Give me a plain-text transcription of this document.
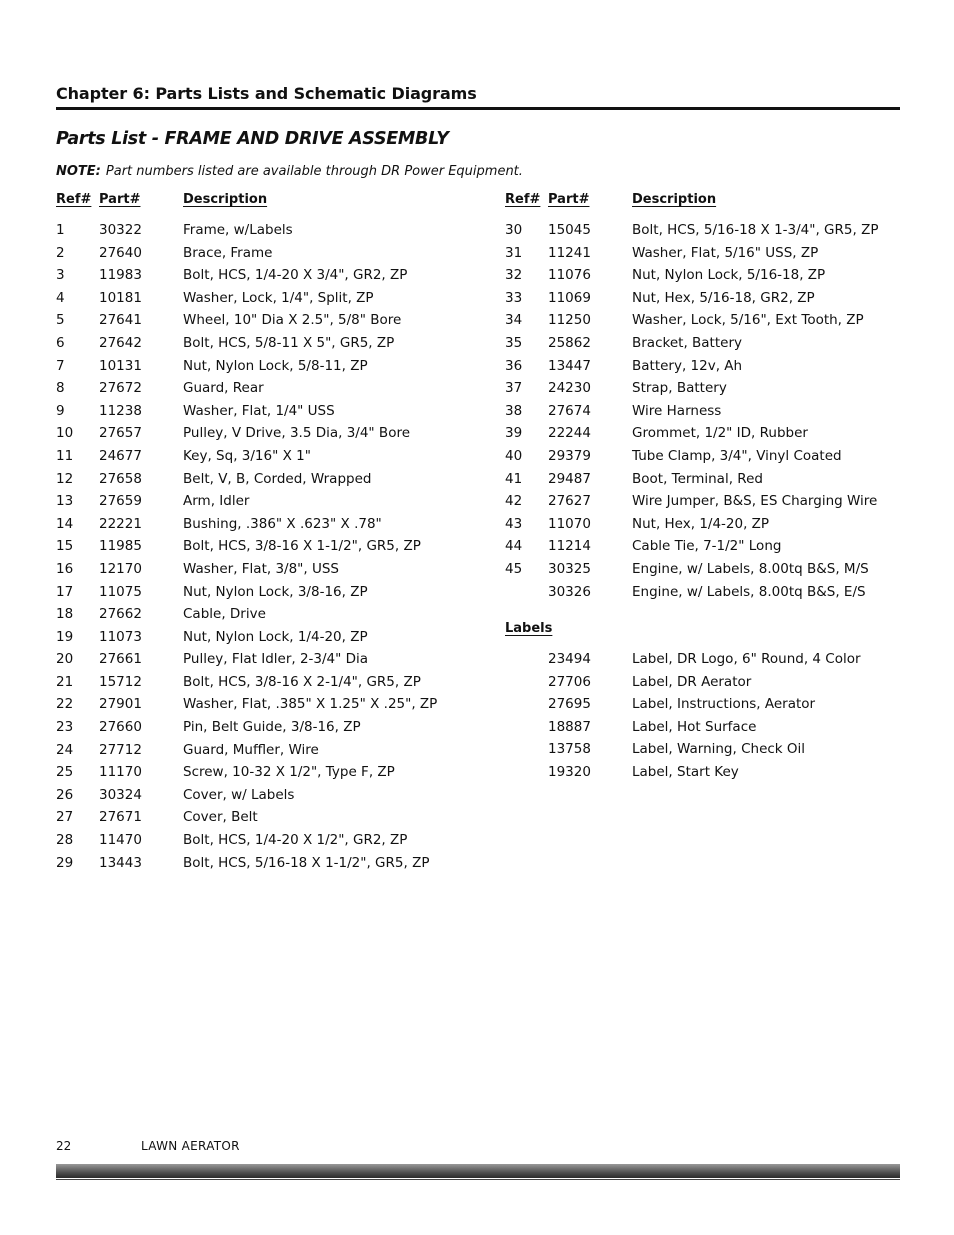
Chapter 6: Parts Lists and Schematic Diagrams
Parts List - FRAME AND DRIVE ASSEMBLY
NOTE: Part numbers listed are available through DR Power Equipment.
Ref# Part#	Description	Ref# Part#	Description
1	30322	Frame, w/Labels
2	27640	Brace, Frame
3	11983	Bolt, HCS, 1/4-20 X 3/4", GR2, ZP
4	10181	Washer, Lock, 1/4", Split, ZP
5	27641	Wheel, 10" Dia X 2.5", 5/8" Bore
6	27642	Bolt, HCS, 5/8-11 X 5", GR5, ZP
7	10131	Nut, Nylon Lock, 5/8-11, ZP
8	27672	Guard, Rear
9	11238	Washer, Flat, 1/4" USS
10 27657	Pulley, V Drive, 3.5 Dia, 3/4" Bore
11 24677	Key, Sq, 3/16" X 1"
12 27658	Belt, V, B, Corded, Wrapped
13 27659	Arm, Idler
14 22221	Bushing, .386" X .623" X .78"
15 11985	Bolt, HCS, 3/8-16 X 1-1/2", GR5, ZP
16 12170	Washer, Flat, 3/8", USS
17 11075	Nut, Nylon Lock, 3/8-16, ZP
18 27662	Cable, Drive
19 11073	Nut, Nylon Lock, 1/4-20, ZP
20 27661	Pulley, Flat Idler, 2-3/4" Dia
21 15712	Bolt, HCS, 3/8-16 X 2-1/4", GR5, ZP
22 27901	Washer, Flat, .385" X 1.25" X .25", ZP
23 27660	Pin, Belt Guide, 3/8-16, ZP
24 27712	Guard, Muffler, Wire
25 11170	Screw, 10-32 X 1/2", Type F, ZP
26 30324	Cover, w/ Labels
27 27671	Cover, Belt
28 11470	Bolt, HCS, 1/4-20 X 1/2", GR2, ZP
29 13443	Bolt, HCS, 5/16-18 X 1-1/2", GR5, ZP
30 15045	Bolt, HCS, 5/16-18 X 1-3/4", GR5, ZP
31 11241	Washer, Flat, 5/16" USS, ZP
32 11076	Nut, Nylon Lock, 5/16-18, ZP
33 11069	Nut, Hex, 5/16-18, GR2, ZP
34 11250	Washer, Lock, 5/16", Ext Tooth, ZP
35 25862	Bracket, Battery
36 13447	Battery, 12v, Ah
37 24230	Strap, Battery
38 27674	Wire Harness
39 22244	Grommet, 1/2" ID, Rubber
40 29379	Tube Clamp, 3/4", Vinyl Coated
41 29487	Boot, Terminal, Red
42 27627	Wire Jumper, B&S, ES Charging Wire
43 11070	Nut, Hex, 1/4-20, ZP
44 11214	Cable Tie, 7-1/2" Long
45 30325	Engine, w/ Labels, 8.00tq B&S, M/S
30326	Engine, w/ Labels, 8.00tq B&S, E/S
Labels
23494	Label, DR Logo, 6" Round, 4 Color
27706	Label, DR Aerator
27695	Label, Instructions, Aerator
18887	Label, Hot Surface
13758	Label, Warning, Check Oil
19320	Label, Start Key
22	LAWN AERATOR
